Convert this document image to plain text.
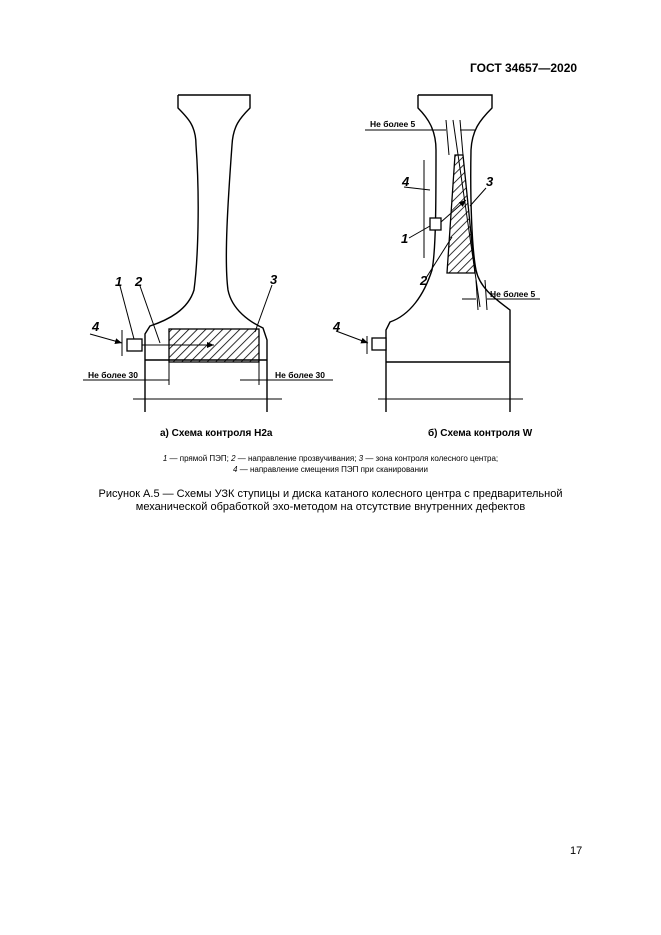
ГОСТ 34657—2020
1 2	3
4
Не более 30	Не более 30
Не более 5
Не более 5
4	3
1
2
4
а) Схема контроля Н2а	б) Схема контроля W
1 — прямой ПЭП; 2 — направление прозвучивания; 3 — зона контроля колесного центра;
4 — направление смещения ПЭП при сканировании
Рисунок А.5 — Схемы УЗК ступицы и диска катаного колесного центра с предварительной
механической обработкой эхо-методом на отсутствие внутренних дефектов
17
